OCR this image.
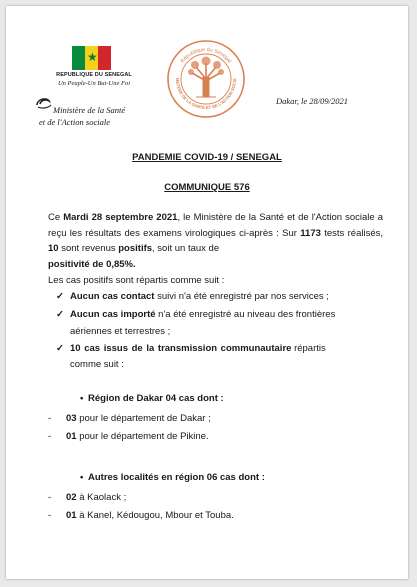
★
REPUBLIQUE DU SENEGAL
Un Peuple-Un But-Une Foi
Ministère de la Santé
et de l'Action sociale
République du Sénégal
NISTERE DE LA SANTE ET DE L'ACTION SOCIA
Dakar, le 28/09/2021
PANDEMIE COVID-19 / SENEGAL
COMMUNIQUE 576
Ce Mardi 28 septembre 2021, le Ministère de la Santé et de l'Action sociale a reçu les résultats des examens virologiques ci-après : Sur 1173 tests réalisés, 10 sont revenus positifs, soit un taux de
positivité de 0,85%.
Les cas positifs sont répartis comme suit :
✓ Aucun cas contact suivi n'a été enregistré par nos services ;
✓ Aucun cas importé n'a été enregistré au niveau des frontières
aériennes et terrestres ;
✓ 10 cas issus de la transmission communautaire répartis
comme suit :
• Région de Dakar 04 cas dont :
- 03 pour le département de Dakar ;
- 01 pour le département de Pikine.
• Autres localités en région 06 cas dont :
- 02 à Kaolack ;
- 01 à Kanel, Kédougou, Mbour et Touba.
